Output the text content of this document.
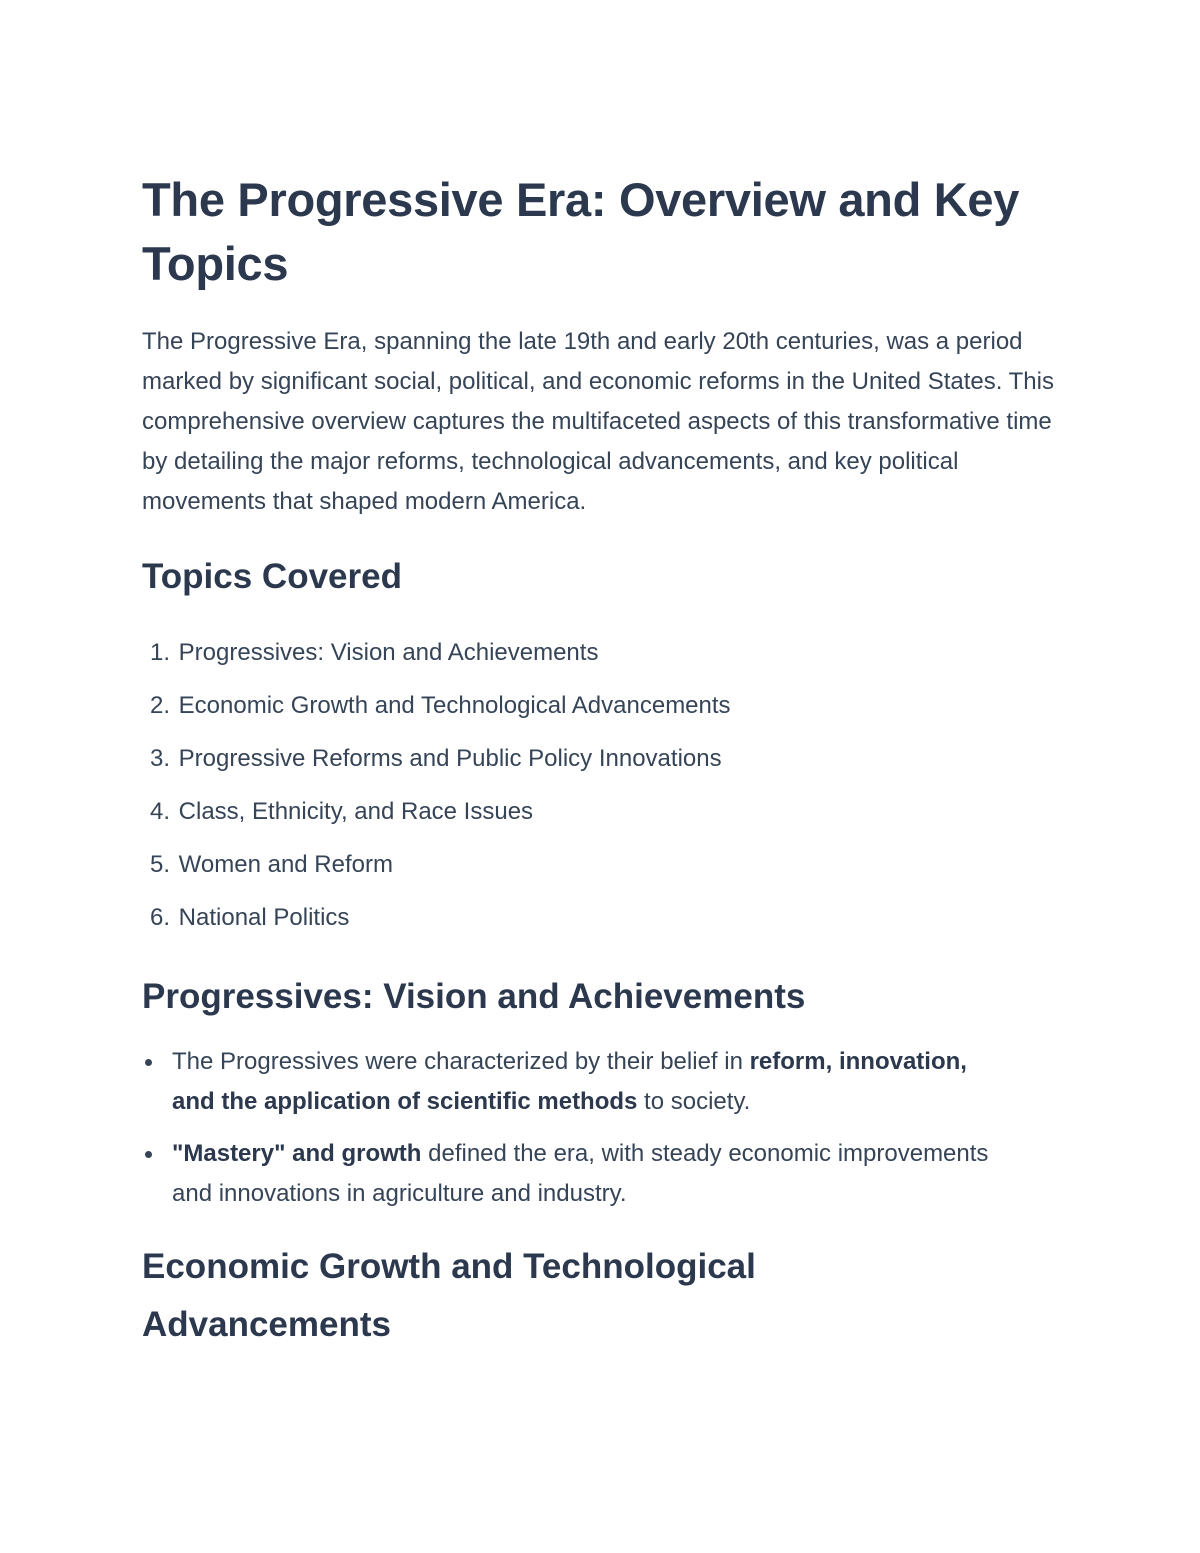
The Progressive Era: Overview and Key Topics

The Progressive Era, spanning the late 19th and early 20th centuries, was a period marked by significant social, political, and economic reforms in the United States. This comprehensive overview captures the multifaceted aspects of this transformative time by detailing the major reforms, technological advancements, and key political movements that shaped modern America.

Topics Covered
1.
Progressives: Vision and Achievements
2.
Economic Growth and Technological Advancements
3.
Progressive Reforms and Public Policy Innovations
4.
Class, Ethnicity, and Race Issues
5.
Women and Reform
6.
National Politics
Progressives: Vision and Achievements
The Progressives were characterized by their belief in reform, innovation, and the application of scientific methods to society.
"Mastery" and growth defined the era, with steady economic improvements and innovations in agriculture and industry.
Economic Growth and Technological Advancements
